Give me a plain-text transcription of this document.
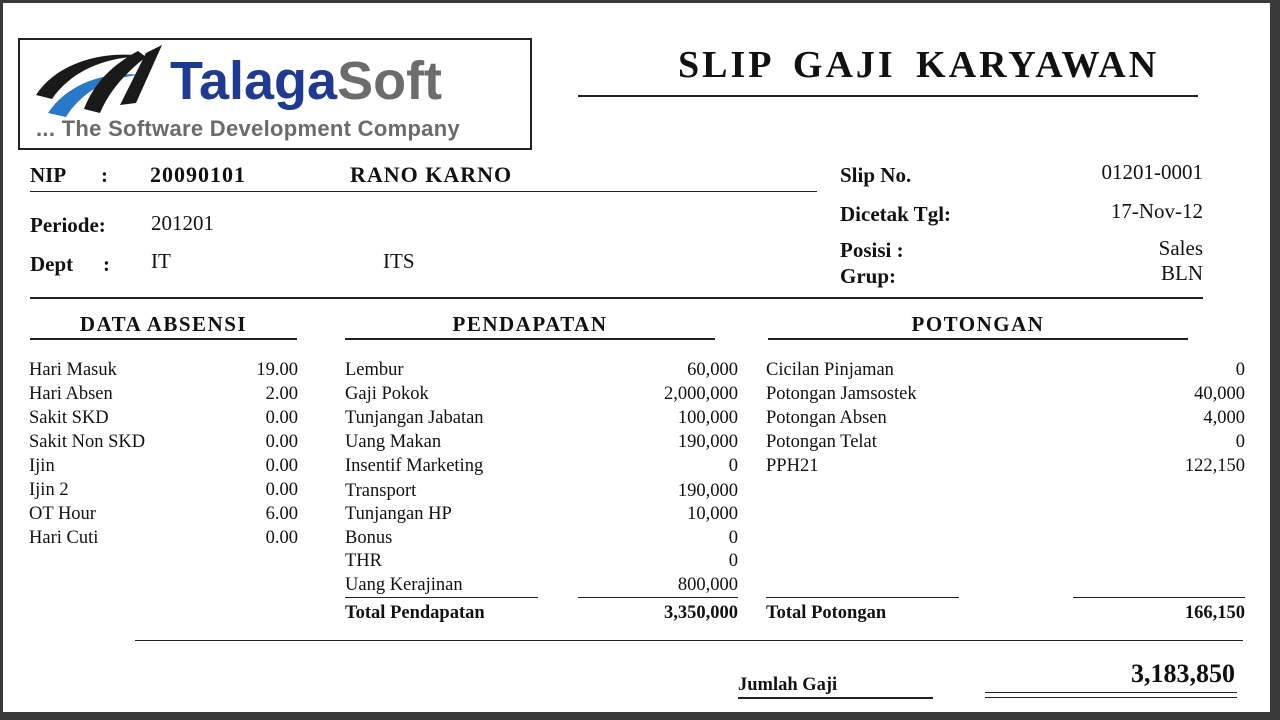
TalagaSoft
... The Software Development Company
SLIP GAJI KARYAWAN
NIP : 20090101	RANO KARNO
Periode: 201201
Dept : IT	ITS
Slip No.	01201-0001
Dicetak Tgl:	17-Nov-12
Posisi :	Sales
Grup:	BLN
DATA ABSENSI	PENDAPATAN	POTONGAN
Hari Masuk	19.00
Hari Absen	2.00
Sakit SKD	0.00
Sakit Non SKD	0.00
Ijin	0.00
Ijin 2	0.00
OT Hour	6.00
Hari Cuti	0.00
Lembur	60,000
Gaji Pokok	2,000,000
Tunjangan Jabatan	100,000
Uang Makan	190,000
Insentif Marketing	0
Transport	190,000
Tunjangan HP	10,000
Bonus	0
THR	0
Uang Kerajinan	800,000
Total Pendapatan	3,350,000
Cicilan Pinjaman	0
Potongan Jamsostek	40,000
Potongan Absen	4,000
Potongan Telat	0
PPH21	122,150
Total Potongan	166,150
Jumlah Gaji	3,183,850
